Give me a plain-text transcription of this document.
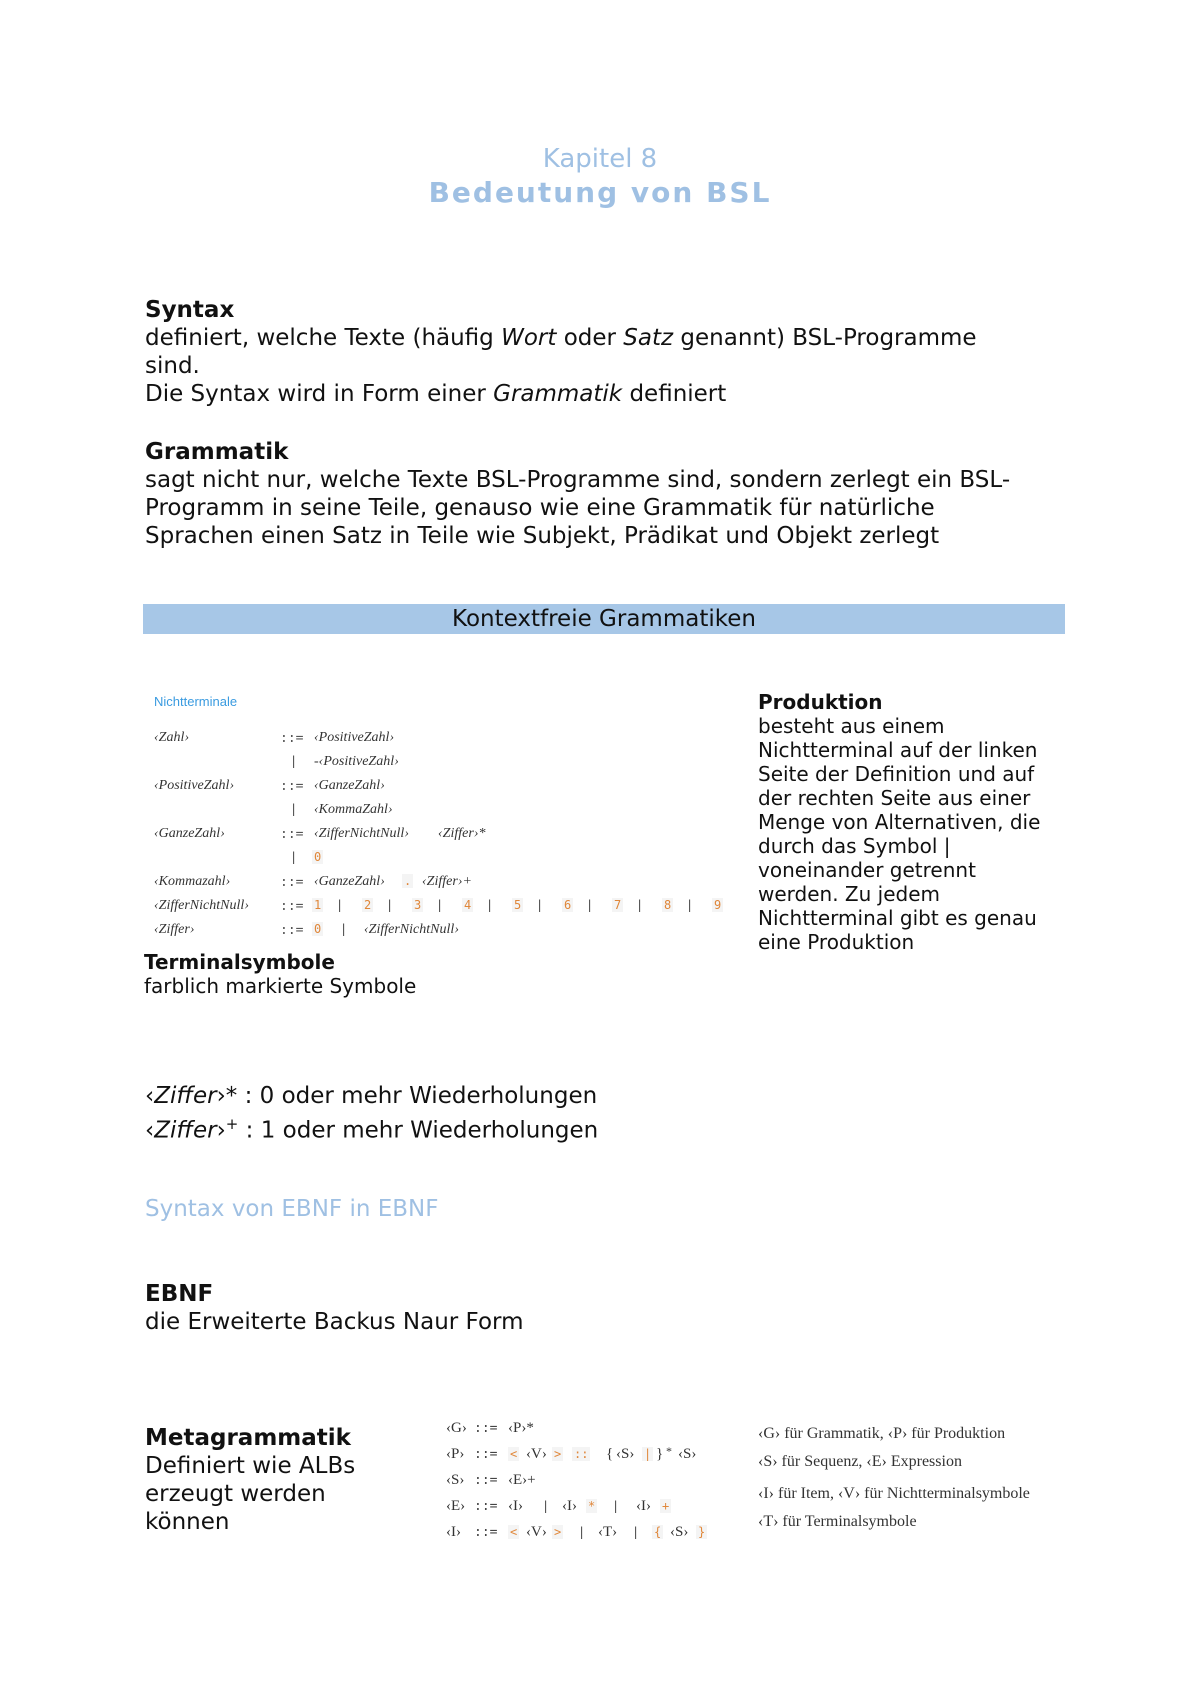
Kapitel 8
Bedeutung von BSL
Syntax
definiert, welche Texte (häufig Wort oder Satz genannt) BSL-Programme
sind.
Die Syntax wird in Form einer Grammatik definiert
Grammatik
sagt nicht nur, welche Texte BSL-Programme sind, sondern zerlegt ein BSL-
Programm in seine Teile, genauso wie eine Grammatik für natürliche
Sprachen einen Satz in Teile wie Subjekt, Prädikat und Objekt zerlegt
Kontextfreie Grammatiken
Nichtterminale
‹Zahl›	::= ‹PositiveZahl›
| -‹PositiveZahl›
‹PositiveZahl›	::= ‹GanzeZahl›
| ‹KommaZahl›
‹GanzeZahl›	::= ‹ZifferNichtNull› ‹Ziffer›*
| 0
‹Kommazahl›	::= ‹GanzeZahl› . ‹Ziffer›+
‹ZifferNichtNull› ::= 1 | 2 | 3 | 4 | 5 | 6 | 7 | 8 | 9
‹Ziffer›	::= 0 | ‹ZifferNichtNull›
Produktion
besteht aus einem
Nichtterminal auf der linken
Seite der Definition und auf
der rechten Seite aus einer
Menge von Alternativen, die
durch das Symbol |
voneinander getrennt
werden. Zu jedem
Nichtterminal gibt es genau
eine Produktion
Terminalsymbole
farblich markierte Symbole
‹Ziffer›* : 0 oder mehr Wiederholungen
‹Ziffer›+ : 1 oder mehr Wiederholungen
Syntax von EBNF in EBNF
EBNF
die Erweiterte Backus Naur Form
Metagrammatik
Definiert wie ALBs
erzeugt werden
können
‹G› ::= ‹P›*
‹P› ::= < ‹V› > :: { ‹S› | } * ‹S›
‹S› ::= ‹E›+
‹E› ::= ‹I› | ‹I› * | ‹I› +
‹I› ::= < ‹V› > | ‹T› | { ‹S› }
‹G› für Grammatik, ‹P› für Produktion
‹S› für Sequenz, ‹E› Expression
‹I› für Item, ‹V› für Nichtterminalsymbole
‹T› für Terminalsymbole
